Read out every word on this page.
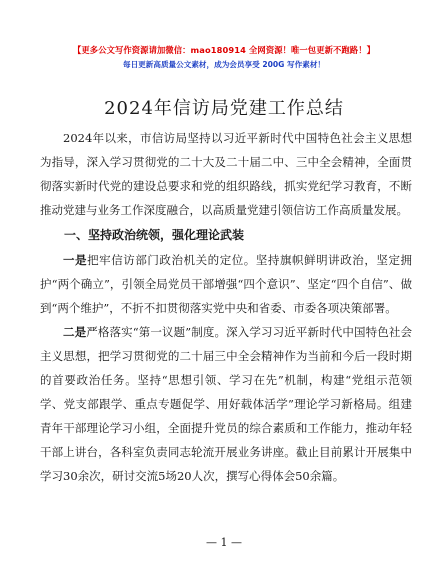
【更多公文写作资源请加微信：mao180914 全网资源！唯一包更新不跑路！】
每日更新高质量公文素材，成为会员享受 200G 写作素材！
2024年信访局党建工作总结

2024年以来，市信访局坚持以习近平新时代中国特色社会主义思想为指导，深入学习贯彻党的二十大及二十届二中、三中全会精神，全面贯彻落实新时代党的建设总要求和党的组织路线，抓实党纪学习教育，不断推动党建与业务工作深度融合，以高质量党建引领信访工作高质量发展。

一、坚持政治统领，强化理论武装

一是把牢信访部门政治机关的定位。坚持旗帜鲜明讲政治，坚定拥护“两个确立”，引领全局党员干部增强“四个意识”、坚定“四个自信”、做到“两个维护”，不折不扣贯彻落实党中央和省委、市委各项决策部署。

二是严格落实“第一议题”制度。深入学习习近平新时代中国特色社会主义思想，把学习贯彻党的二十届三中全会精神作为当前和今后一段时期的首要政治任务。坚持“思想引领、学习在先”机制，构建“党组示范领学、党支部跟学、重点专题促学、用好载体活学”理论学习新格局。组建青年干部理论学习小组，全面提升党员的综合素质和工作能力，推动年轻干部上讲台，各科室负责同志轮流开展业务讲座。截止目前累计开展集中学习30余次，研讨交流5场20人次，撰写心得体会50余篇。

— 1 —
